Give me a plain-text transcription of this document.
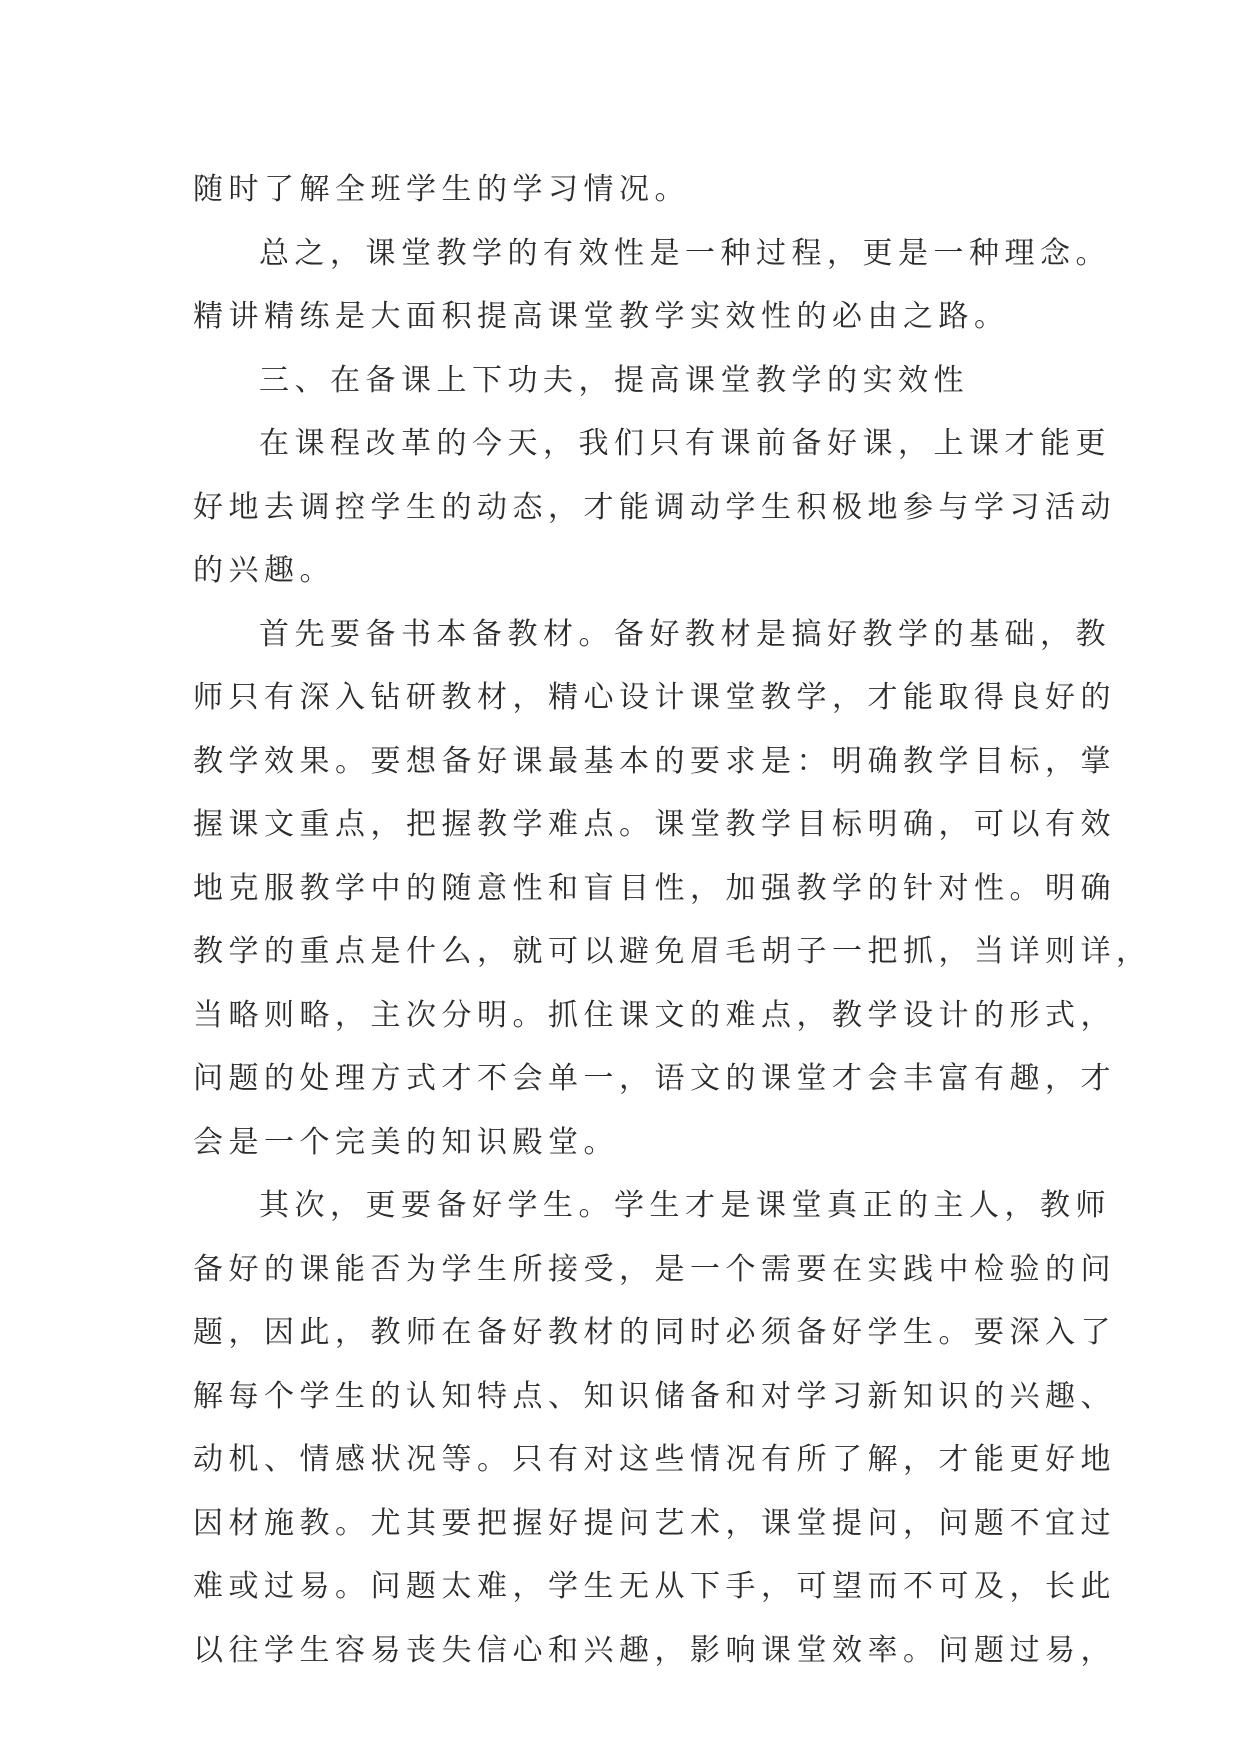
随时了解全班学生的学习情况。
总之，课堂教学的有效性是一种过程，更是一种理念。
精讲精练是大面积提高课堂教学实效性的必由之路。
三、在备课上下功夫，提高课堂教学的实效性
在课程改革的今天，我们只有课前备好课，上课才能更
好地去调控学生的动态，才能调动学生积极地参与学习活动
的兴趣。
首先要备书本备教材。备好教材是搞好教学的基础，教
师只有深入钻研教材，精心设计课堂教学，才能取得良好的
教学效果。要想备好课最基本的要求是：明确教学目标，掌
握课文重点，把握教学难点。课堂教学目标明确，可以有效
地克服教学中的随意性和盲目性，加强教学的针对性。明确
教学的重点是什么，就可以避免眉毛胡子一把抓，当详则详，
当略则略，主次分明。抓住课文的难点，教学设计的形式，
问题的处理方式才不会单一，语文的课堂才会丰富有趣，才
会是一个完美的知识殿堂。
其次，更要备好学生。学生才是课堂真正的主人，教师
备好的课能否为学生所接受，是一个需要在实践中检验的问
题，因此，教师在备好教材的同时必须备好学生。要深入了
解每个学生的认知特点、知识储备和对学习新知识的兴趣、
动机、情感状况等。只有对这些情况有所了解，才能更好地
因材施教。尤其要把握好提问艺术，课堂提问，问题不宜过
难或过易。问题太难，学生无从下手，可望而不可及，长此
以往学生容易丧失信心和兴趣，影响课堂效率。问题过易，
